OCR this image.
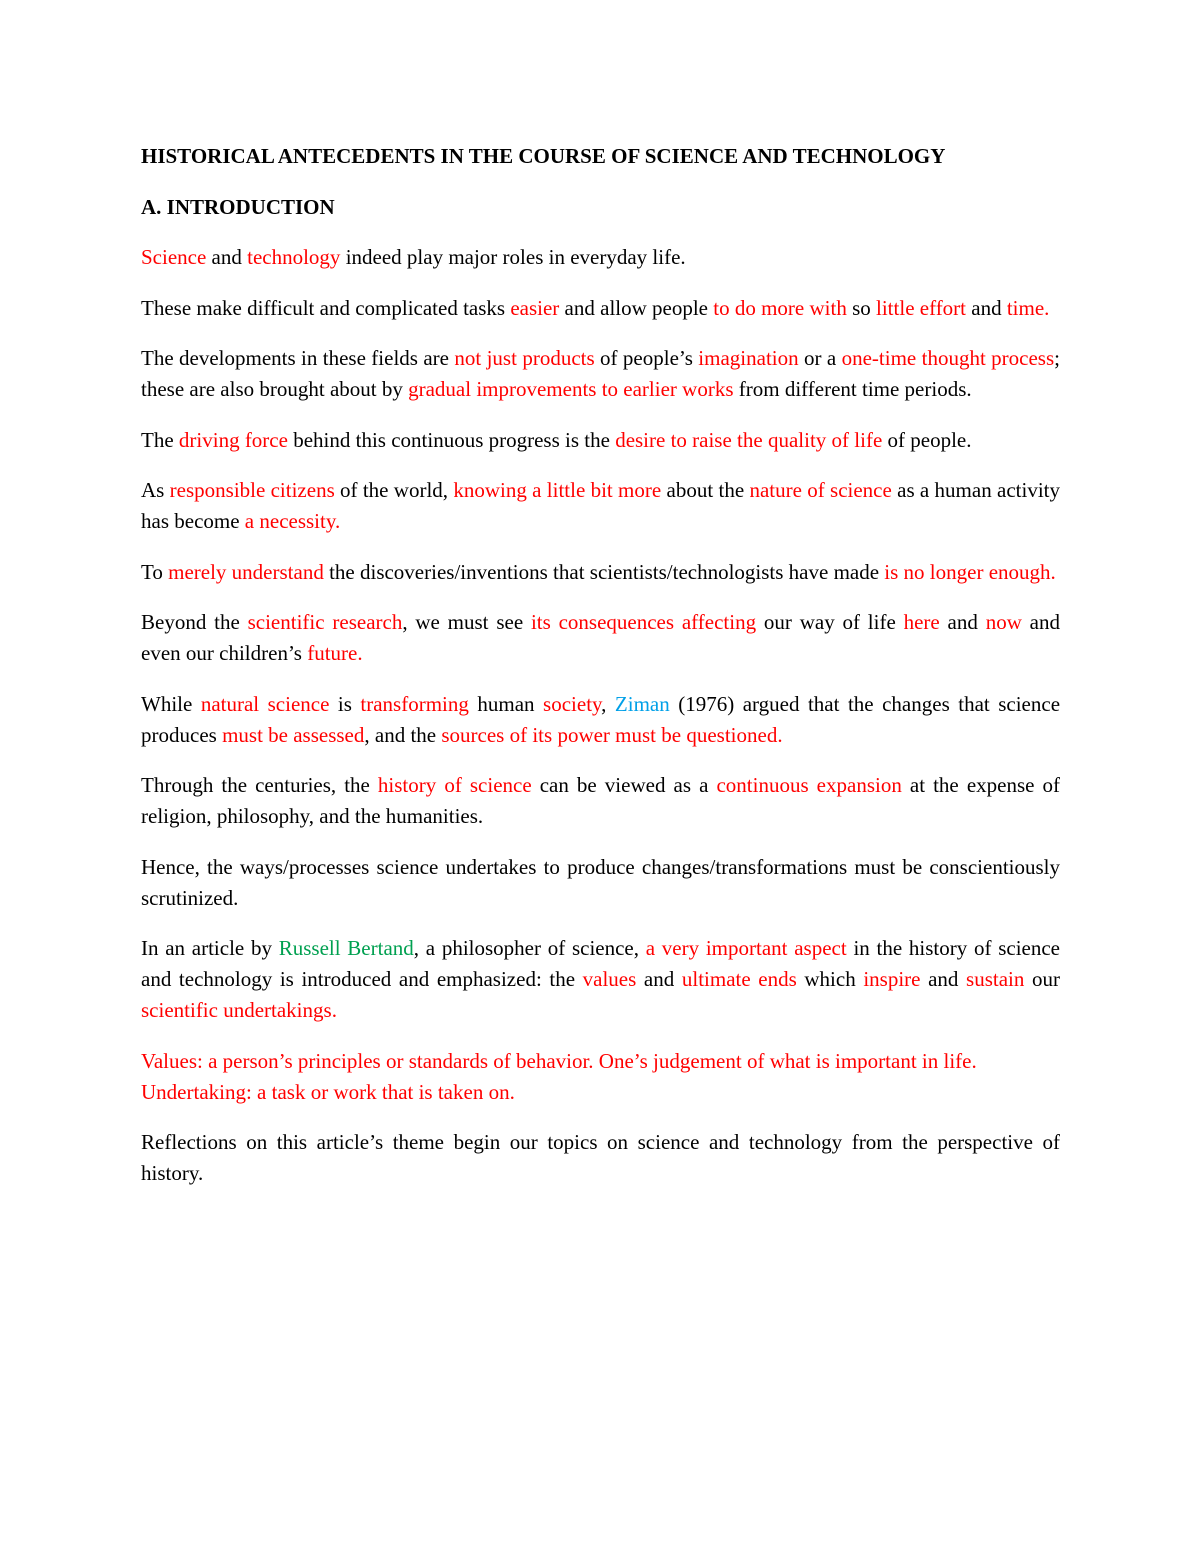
HISTORICAL ANTECEDENTS IN THE COURSE OF SCIENCE AND TECHNOLOGY
A. INTRODUCTION

Science and technology indeed play major roles in everyday life.

These make difficult and complicated tasks easier and allow people to do more with so little effort and time.

The developments in these fields are not just products of people’s imagination or a one-time thought process; these are also brought about by gradual improvements to earlier works from different time periods.

The driving force behind this continuous progress is the desire to raise the quality of life of people.

As responsible citizens of the world, knowing a little bit more about the nature of science as a human activity has become a necessity.

To merely understand the discoveries/inventions that scientists/technologists have made is no longer enough.

Beyond the scientific research, we must see its consequences affecting our way of life here and now and even our children’s future.

While natural science is transforming human society, Ziman (1976) argued that the changes that science produces must be assessed, and the sources of its power must be questioned.

Through the centuries, the history of science can be viewed as a continuous expansion at the expense of religion, philosophy, and the humanities.

Hence, the ways/processes science undertakes to produce changes/transformations must be conscientiously scrutinized.

In an article by Russell Bertand, a philosopher of science, a very important aspect in the history of science and technology is introduced and emphasized: the values and ultimate ends which inspire and sustain our scientific undertakings.

Values: a person’s principles or standards of behavior. One’s judgement of what is important in life.

Undertaking: a task or work that is taken on.

Reflections on this article’s theme begin our topics on science and technology from the perspective of history.
